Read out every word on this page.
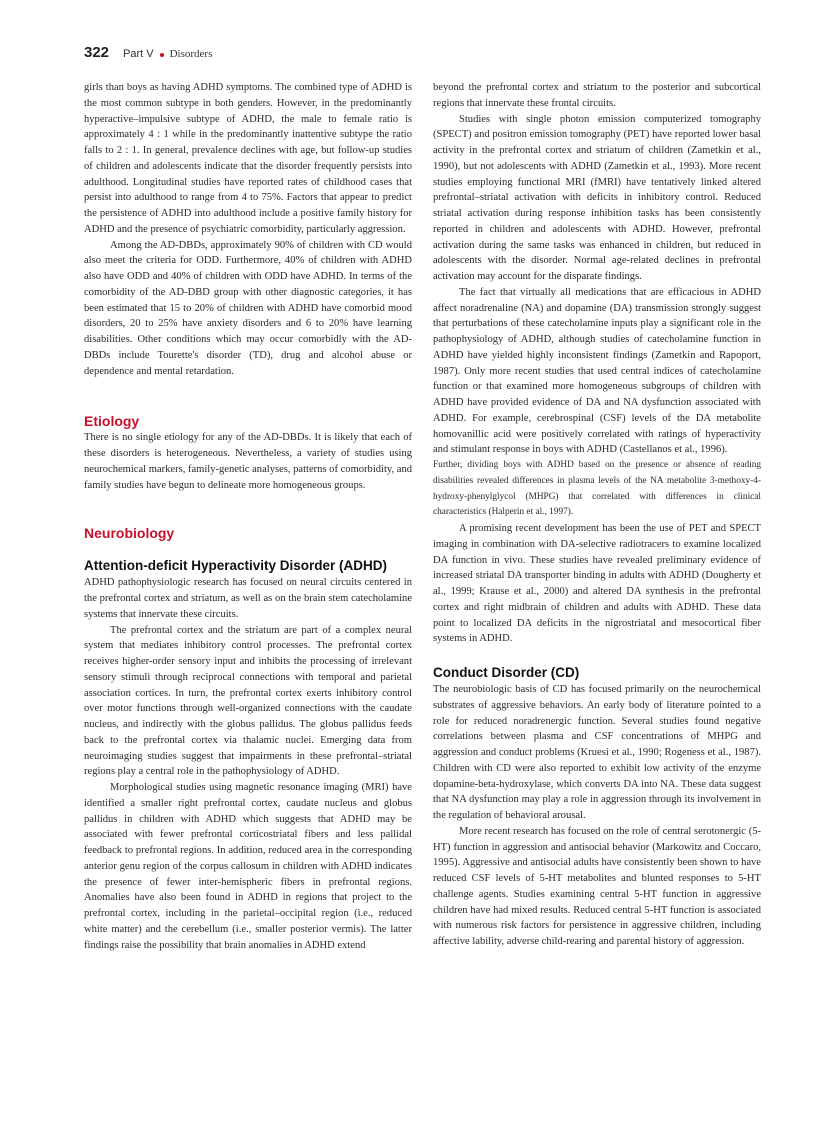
322 Part V Disorders

girls than boys as having ADHD symptoms. The combined type of ADHD is the most common subtype in both genders. However, in the predominantly hyperactive–impulsive subtype of ADHD, the male to female ratio is approximately 4 : 1 while in the predominantly inattentive subtype the ratio falls to 2 : 1. In general, prevalence declines with age, but follow-up studies of children and adolescents indicate that the disorder frequently persists into adulthood. Longitudinal studies have reported rates of childhood cases that persist into adulthood to range from 4 to 75%. Factors that appear to predict the persistence of ADHD into adulthood include a positive family history for ADHD and the presence of psychiatric comorbidity, particularly aggression.

Among the AD-DBDs, approximately 90% of children with CD would also meet the criteria for ODD. Furthermore, 40% of children with ADHD also have ODD and 40% of children with ODD have ADHD. In terms of the comorbidity of the AD-DBD group with other diagnostic categories, it has been estimated that 15 to 20% of children with ADHD have comorbid mood disorders, 20 to 25% have anxiety disorders and 6 to 20% have learning disabilities. Other conditions which may occur comorbidly with the AD-DBDs include Tourette's disorder (TD), drug and alcohol abuse or dependence and mental retardation.

Etiology

There is no single etiology for any of the AD-DBDs. It is likely that each of these disorders is heterogeneous. Nevertheless, a variety of studies using neurochemical markers, family-genetic analyses, patterns of comorbidity, and family studies have begun to delineate more homogeneous groups.

Neurobiology
Attention-deficit Hyperactivity Disorder (ADHD)

ADHD pathophysiologic research has focused on neural circuits centered in the prefrontal cortex and striatum, as well as on the brain stem catecholamine systems that innervate these circuits.

The prefrontal cortex and the striatum are part of a complex neural system that mediates inhibitory control processes. The prefrontal cortex receives higher-order sensory input and inhibits the processing of irrelevant sensory stimuli through reciprocal connections with temporal and parietal association cortices. In turn, the prefrontal cortex exerts inhibitory control over motor functions through well-organized connections with the caudate nucleus, and indirectly with the globus pallidus. The globus pallidus feeds back to the prefrontal cortex via thalamic nuclei. Emerging data from neuroimaging studies suggest that impairments in these prefrontal–striatal regions play a central role in the pathophysiology of ADHD.

Morphological studies using magnetic resonance imaging (MRI) have identified a smaller right prefrontal cortex, caudate nucleus and globus pallidus in children with ADHD which suggests that ADHD may be associated with fewer prefrontal corticostriatal fibers and less pallidal feedback to prefrontal regions. In addition, reduced area in the corresponding anterior genu region of the corpus callosum in children with ADHD indicates the presence of fewer inter-hemispheric fibers in prefrontal regions. Anomalies have also been found in ADHD in regions that project to the prefrontal cortex, including in the parietal–occipital region (i.e., reduced white matter) and the cerebellum (i.e., smaller posterior vermis). The latter findings raise the possibility that brain anomalies in ADHD extend

beyond the prefrontal cortex and striatum to the posterior and subcortical regions that innervate these frontal circuits.

Studies with single photon emission computerized tomography (SPECT) and positron emission tomography (PET) have reported lower basal activity in the prefrontal cortex and striatum of children (Zametkin et al., 1990), but not adolescents with ADHD (Zametkin et al., 1993). More recent studies employing functional MRI (fMRI) have tentatively linked altered prefrontal–striatal activation with deficits in inhibitory control. Reduced striatal activation during response inhibition tasks has been consistently reported in children and adolescents with ADHD. However, prefrontal activation during the same tasks was enhanced in children, but reduced in adolescents with the disorder. Normal age-related declines in prefrontal activation may account for the disparate findings.

The fact that virtually all medications that are efficacious in ADHD affect noradrenaline (NA) and dopamine (DA) transmission strongly suggest that perturbations of these catecholamine inputs play a significant role in the pathophysiology of ADHD, although studies of catecholamine function in ADHD have yielded highly inconsistent findings (Zametkin and Rapoport, 1987). Only more recent studies that used central indices of catecholamine function or that examined more homogeneous subgroups of children with ADHD have provided evidence of DA and NA dysfunction associated with ADHD. For example, cerebrospinal (CSF) levels of the DA metabolite homovanillic acid were positively correlated with ratings of hyperactivity and stimulant response in boys with ADHD (Castellanos et al., 1996).

Further, dividing boys with ADHD based on the presence or absence of reading disabilities revealed differences in plasma levels of the NA metabolite 3-methoxy-4-hydroxy-phenylglycol (MHPG) that correlated with differences in clinical characteristics (Halperin et al., 1997).

A promising recent development has been the use of PET and SPECT imaging in combination with DA-selective radiotracers to examine localized DA function in vivo. These studies have revealed preliminary evidence of increased striatal DA transporter binding in adults with ADHD (Dougherty et al., 1999; Krause et al., 2000) and altered DA synthesis in the prefrontal cortex and right midbrain of children and adults with ADHD. These data point to localized DA deficits in the nigrostriatal and mesocortical fiber systems in ADHD.

Conduct Disorder (CD)

The neurobiologic basis of CD has focused primarily on the neurochemical substrates of aggressive behaviors. An early body of literature pointed to a role for reduced noradrenergic function. Several studies found negative correlations between plasma and CSF concentrations of MHPG and aggression and conduct problems (Kruesi et al., 1990; Rogeness et al., 1987). Children with CD were also reported to exhibit low activity of the enzyme dopamine-beta-hydroxylase, which converts DA into NA. These data suggest that NA dysfunction may play a role in aggression through its involvement in the regulation of behavioral arousal.

More recent research has focused on the role of central serotonergic (5-HT) function in aggression and antisocial behavior (Markowitz and Coccaro, 1995). Aggressive and antisocial adults have consistently been shown to have reduced CSF levels of 5-HT metabolites and blunted responses to 5-HT challenge agents. Studies examining central 5-HT function in aggressive children have had mixed results. Reduced central 5-HT function is associated with numerous risk factors for persistence in aggressive children, including affective lability, adverse child-rearing and parental history of aggression.
